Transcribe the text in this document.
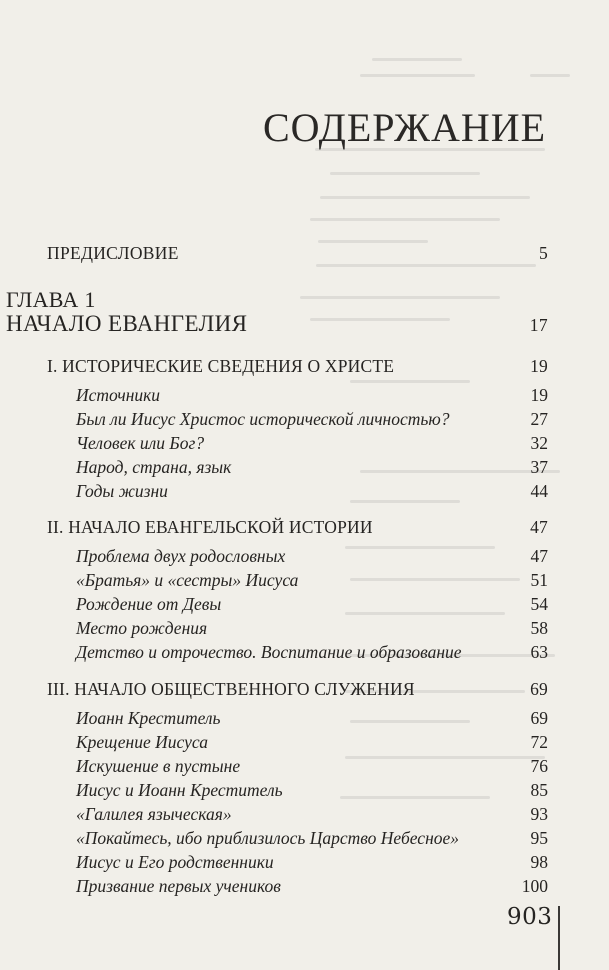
СОДЕРЖАНИЕ
ПРЕДИСЛОВИЕ	5
ГЛАВА 1
НАЧАЛО ЕВАНГЕЛИЯ	17
I. ИСТОРИЧЕСКИЕ СВЕДЕНИЯ О ХРИСТЕ	19
Источники	19
Был ли Иисус Христос исторической личностью?	27
Человек или Бог?	32
Народ, страна, язык	37
Годы жизни	44
II. НАЧАЛО ЕВАНГЕЛЬСКОЙ ИСТОРИИ	47
Проблема двух родословных	47
«Братья» и «сестры» Иисуса	51
Рождение от Девы	54
Место рождения	58
Детство и отрочество. Воспитание и образование	63
III. НАЧАЛО ОБЩЕСТВЕННОГО СЛУЖЕНИЯ	69
Иоанн Креститель	69
Крещение Иисуса	72
Искушение в пустыне	76
Иисус и Иоанн Креститель	85
«Галилея языческая»	93
«Покайтесь, ибо приблизилось Царство Небесное»	95
Иисус и Его родственники	98
Призвание первых учеников	100
903
